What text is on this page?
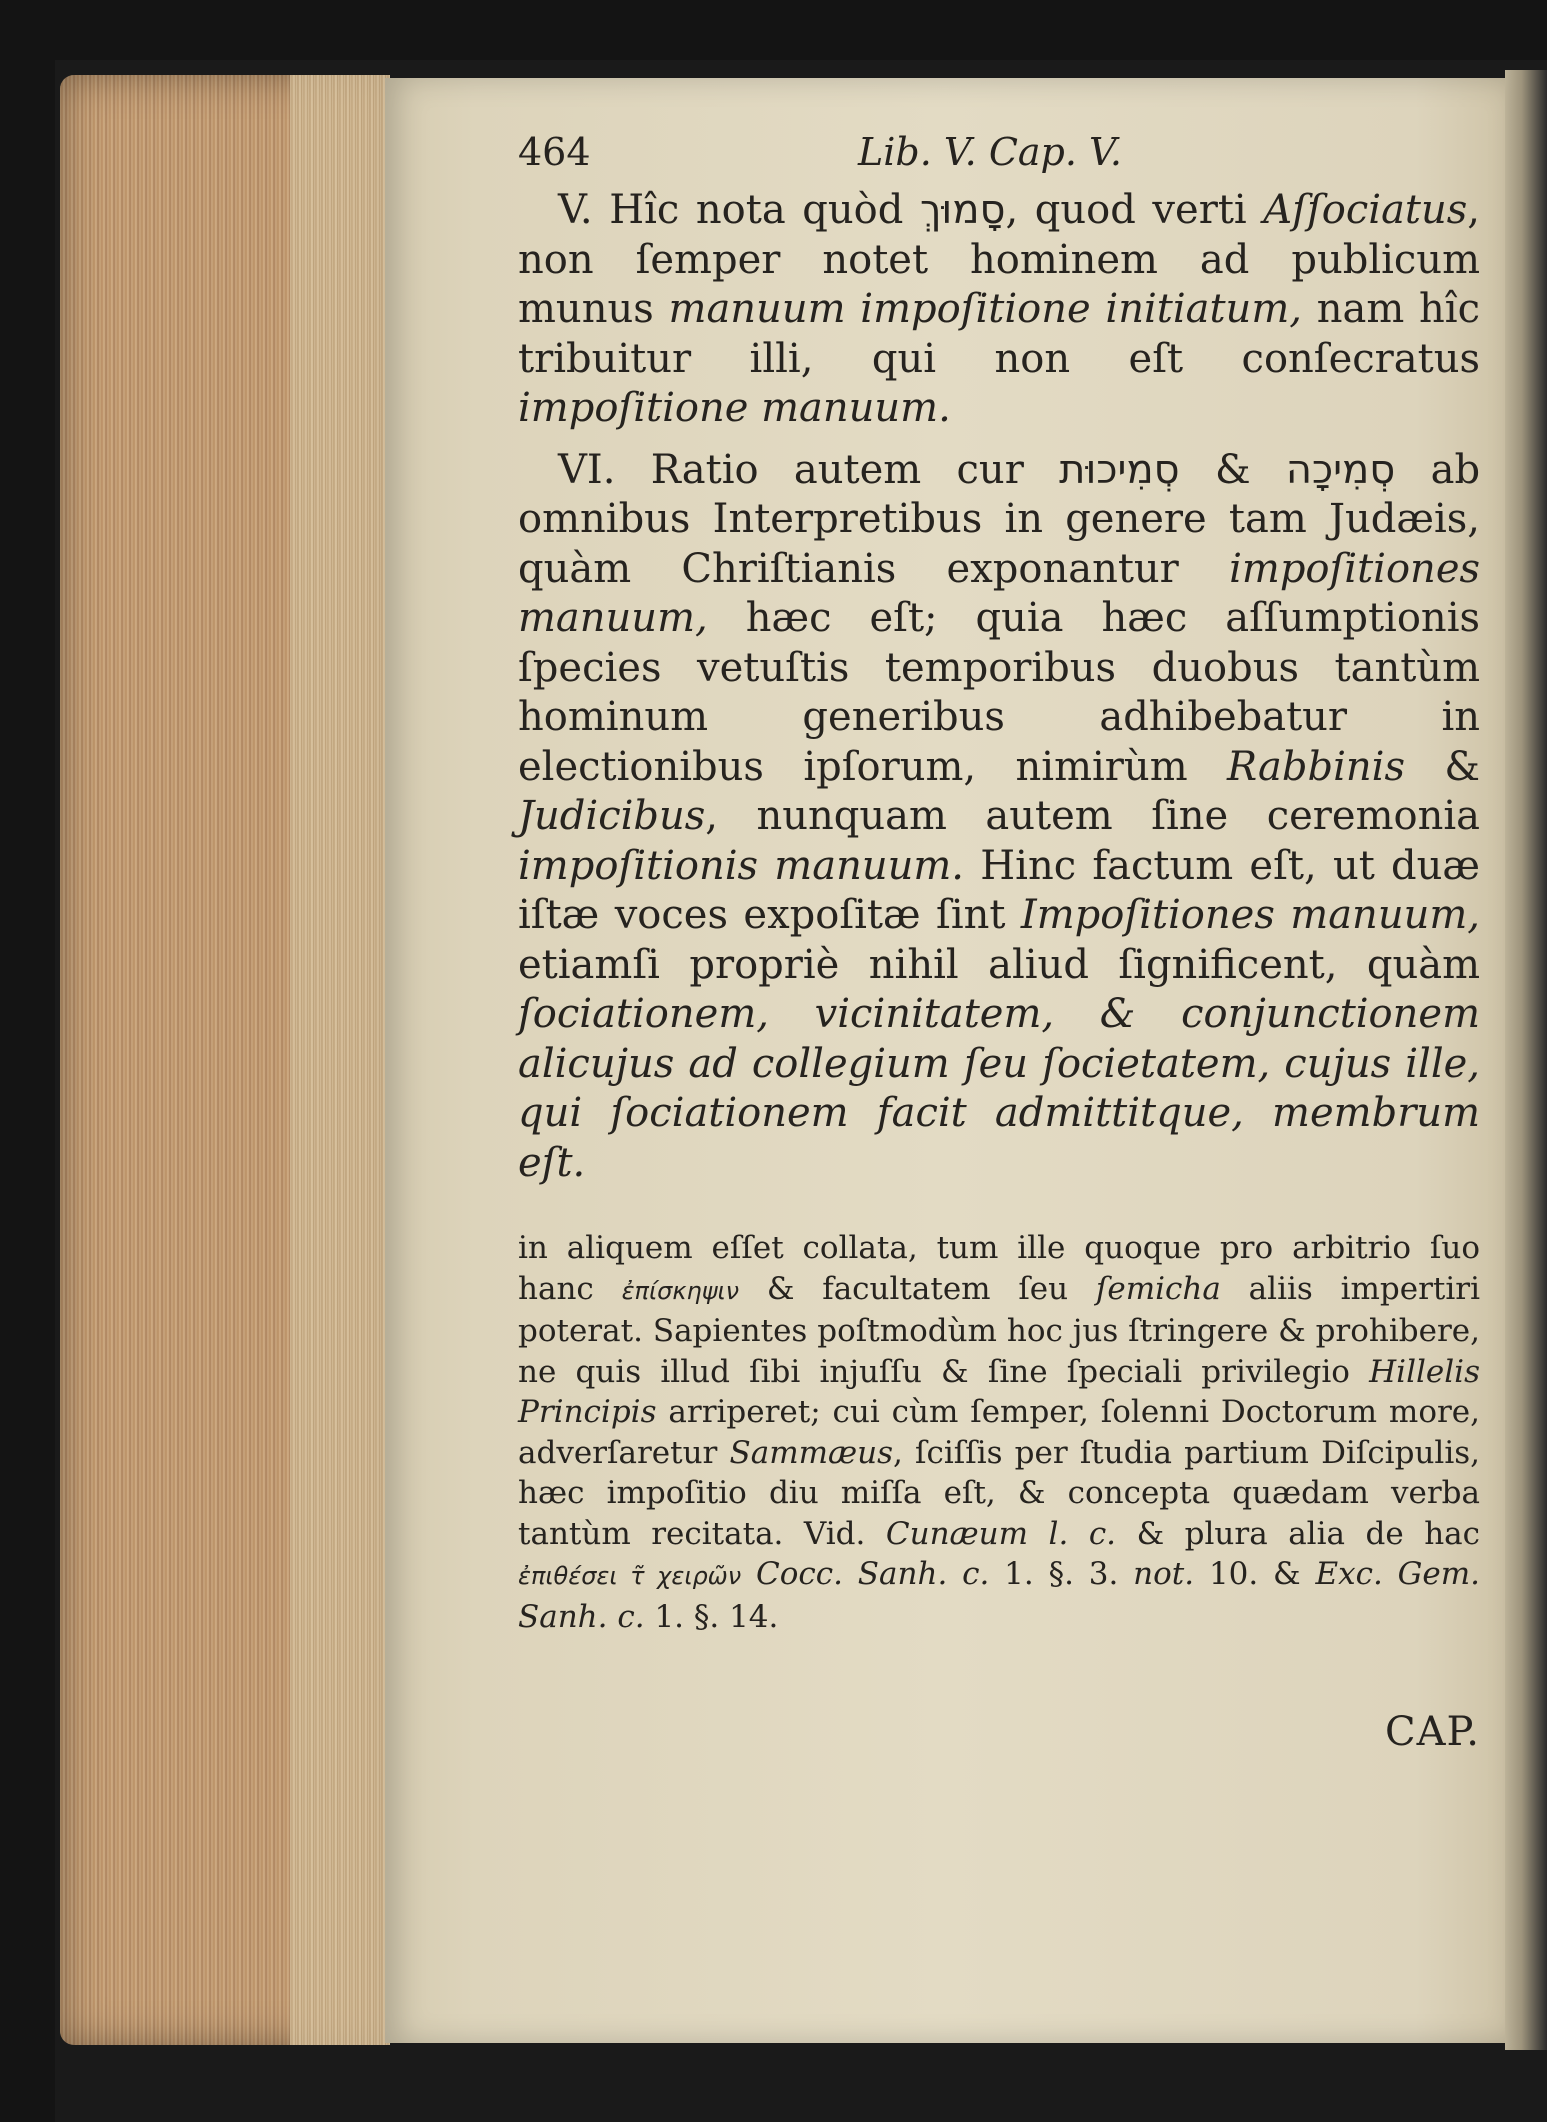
464	Lib. V. Cap. V.

V. Hîc nota quòd סָמוּךְ, quod verti Aſſociatus, non ſemper notet hominem ad publicum munus manuum impoſitione initiatum, nam hîc tribuitur illi, qui non eſt conſecratus impoſitione manuum.

VI. Ratio autem cur סְמִיכוּת & סְמִיכָה ab omnibus Interpretibus in genere tam Judæis, quàm Chriſtianis exponantur impoſitiones manuum, hæc eſt; quia hæc aſſumptionis ſpecies vetuſtis temporibus duobus tantùm hominum generibus adhibebatur in electionibus ipſorum, nimirùm Rabbinis & Judicibus, nunquam autem ſine ceremonia impoſitionis manuum. Hinc factum eſt, ut duæ iſtæ voces expoſitæ ſint Impoſitiones manuum, etiamſi propriè nihil aliud ſignificent, quàm ſociationem, vicinitatem, & conjunctionem alicujus ad collegium ſeu ſocietatem, cujus ille, qui ſociationem facit admittitque, membrum eſt.

in aliquem eſſet collata, tum ille quoque pro arbitrio ſuo hanc ἐπίσκηψιν & facultatem ſeu ſemicha aliis impertiri poterat. Sapientes poſtmodùm hoc jus ſtringere & prohibere, ne quis illud ſibi injuſſu & ſine ſpeciali privilegio Hillelis Principis arriperet; cui cùm ſemper, ſolenni Doctorum more, adverſaretur Sammæus, ſciſſis per ſtudia partium Diſcipulis, hæc impoſitio diu miſſa eſt, & concepta quædam verba tantùm recitata. Vid. Cunæum l. c. & plura alia de hac ἐπιθέσει τ̃ χειρω̃ν Cocc. Sanh. c. 1. §. 3. not. 10. & Exc. Gem. Sanh. c. 1. §. 14.

CAP.
